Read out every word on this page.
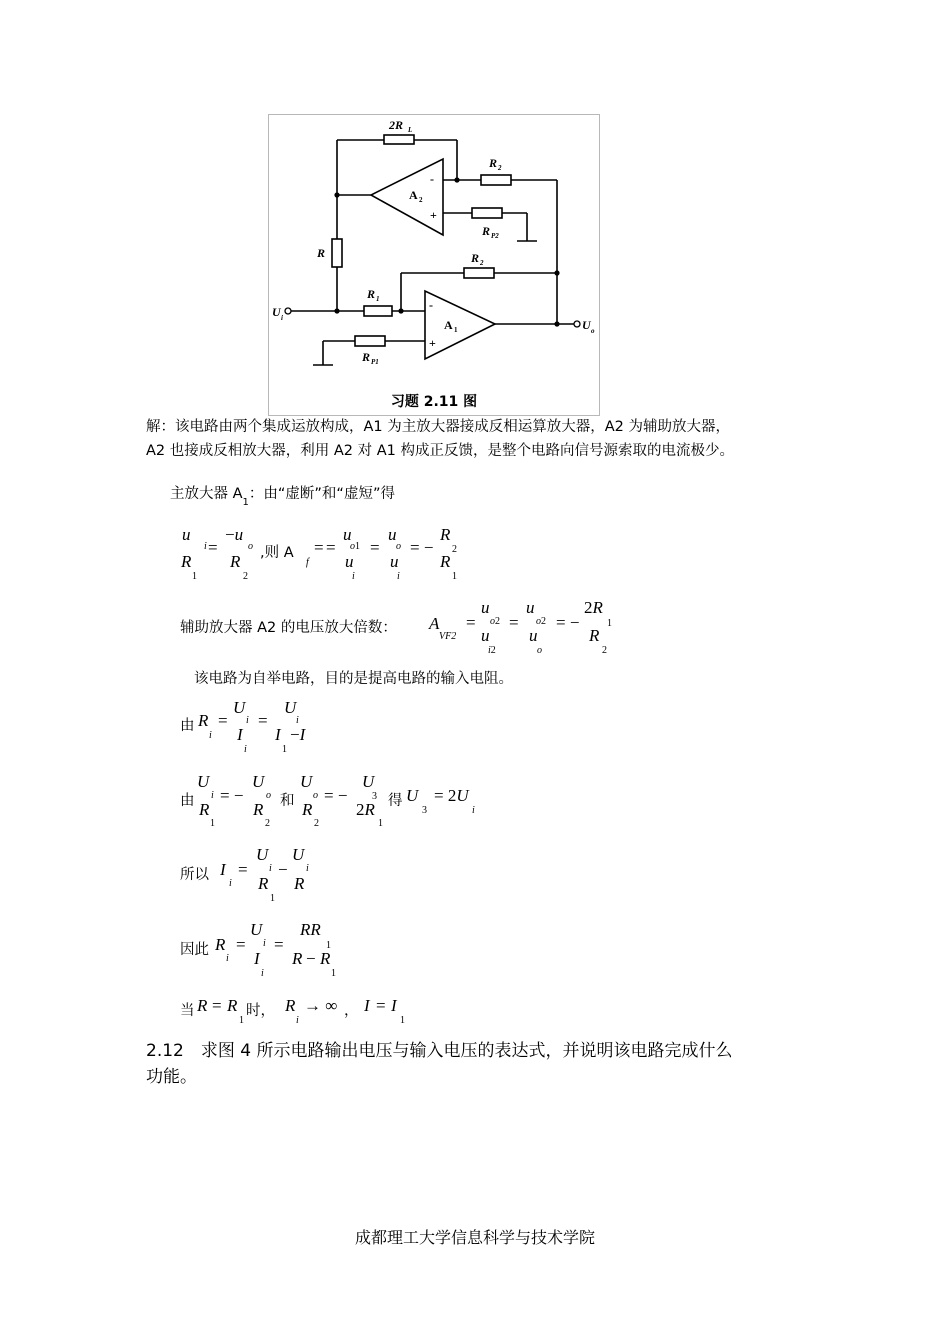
2R L
R 2
A 2
-
+
R P2
R	R 2
R 1
U i
-
+
A 1	U o
R P1
习题 2.11 图
解：该电路由两个集成运放构成，A1 为主放大器接成反相运算放大器，A2 为辅助放大器，
A2 也接成反相放大器，利用 A2 对 A1 构成正反馈，是整个电路向信号源索取的电流极少。
主放大器 $A_1$：由“虚断”和“虚短”得
u
i
R
1
=
−u
o
R
2
,则 A
f
= =
u
o1
u
i
=
u
o
u
i
= −
R
2
R
1
辅助放大器 A2 的电压放大倍数： A
VF2
=
u
o2
u
i2
=
u
o2
u
o
= −
2R
1
R
2
该电路为自举电路，目的是提高电路的输入电阻。
由 R
i
=
U
i
I
i
=
U
i
I
1
−I
由
U
i
R
1
= −
U
o
R
2
和
U
o
R
2
= −
U
3
2R
1
得 U
3
= 2U
i
所以 I
i
=
U
i
R
1
−
U
i
R
因此 R
i
=
U
i
I
i
=
RR
1
R − R
1
当 R = R
1
时， R
i
→ ∞ ， I = I
1
2.12　求图 4 所示电路输出电压与输入电压的表达式，并说明该电路完成什么
功能。
成都理工大学信息科学与技术学院
